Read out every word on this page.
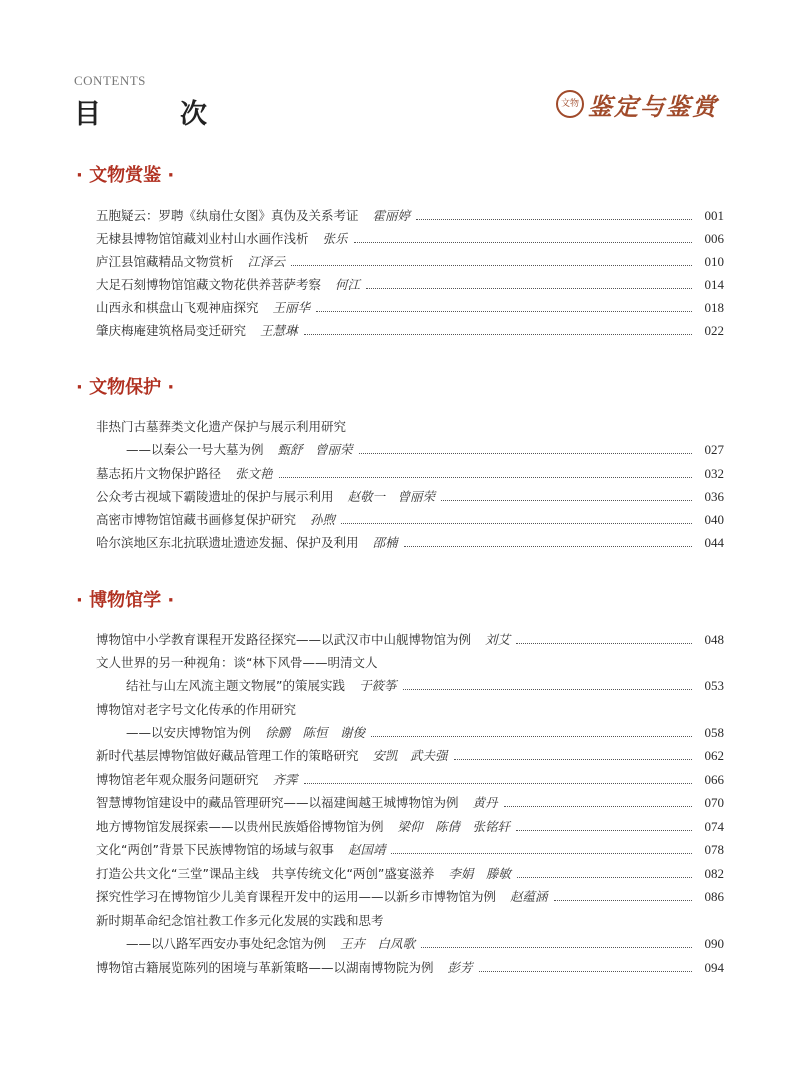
CONTENTS
目　次	文物 鉴定与鉴赏
· 文物赏鉴 ·
五胞疑云：罗聘《纨扇仕女图》真伪及关系考证 霍丽婷	001
无棣县博物馆馆藏刘业村山水画作浅析 张乐	006
庐江县馆藏精品文物赏析 江泽云	010
大足石刻博物馆馆藏文物花供养菩萨考察 何江	014
山西永和棋盘山飞观神庙探究 王丽华	018
肇庆梅庵建筑格局变迁研究 王慧琳	022
· 文物保护 ·
非热门古墓葬类文化遗产保护与展示利用研究
——以秦公一号大墓为例 甄舒　曾丽荣	027
墓志拓片文物保护路径 张文艳	032
公众考古视域下霸陵遗址的保护与展示利用 赵敬一　曾丽荣	036
高密市博物馆馆藏书画修复保护研究 孙煦	040
哈尔滨地区东北抗联遗址遗迹发掘、保护及利用 邵楠	044
· 博物馆学 ·
博物馆中小学教育课程开发路径探究——以武汉市中山舰博物馆为例 刘艾	048
文人世界的另一种视角：谈“林下风骨——明清文人
结社与山左风流主题文物展”的策展实践 于筱筝	053
博物馆对老字号文化传承的作用研究
——以安庆博物馆为例 徐鹏　陈恒　谢俊	058
新时代基层博物馆做好藏品管理工作的策略研究 安凯　武夫强	062
博物馆老年观众服务问题研究 齐霁	066
智慧博物馆建设中的藏品管理研究——以福建闽越王城博物馆为例 黄丹	070
地方博物馆发展探索——以贵州民族婚俗博物馆为例 梁仰　陈倩　张铭轩	074
文化“两创”背景下民族博物馆的场域与叙事 赵国靖	078
打造公共文化“三堂”课品主线　共享传统文化“两创”盛宴滋养 李娟　滕敏	082
探究性学习在博物馆少儿美育课程开发中的运用——以新乡市博物馆为例 赵蕴涵	086
新时期革命纪念馆社教工作多元化发展的实践和思考
——以八路军西安办事处纪念馆为例 王卉　白凤歌	090
博物馆古籍展览陈列的困境与革新策略——以湖南博物院为例 彭芳	094
